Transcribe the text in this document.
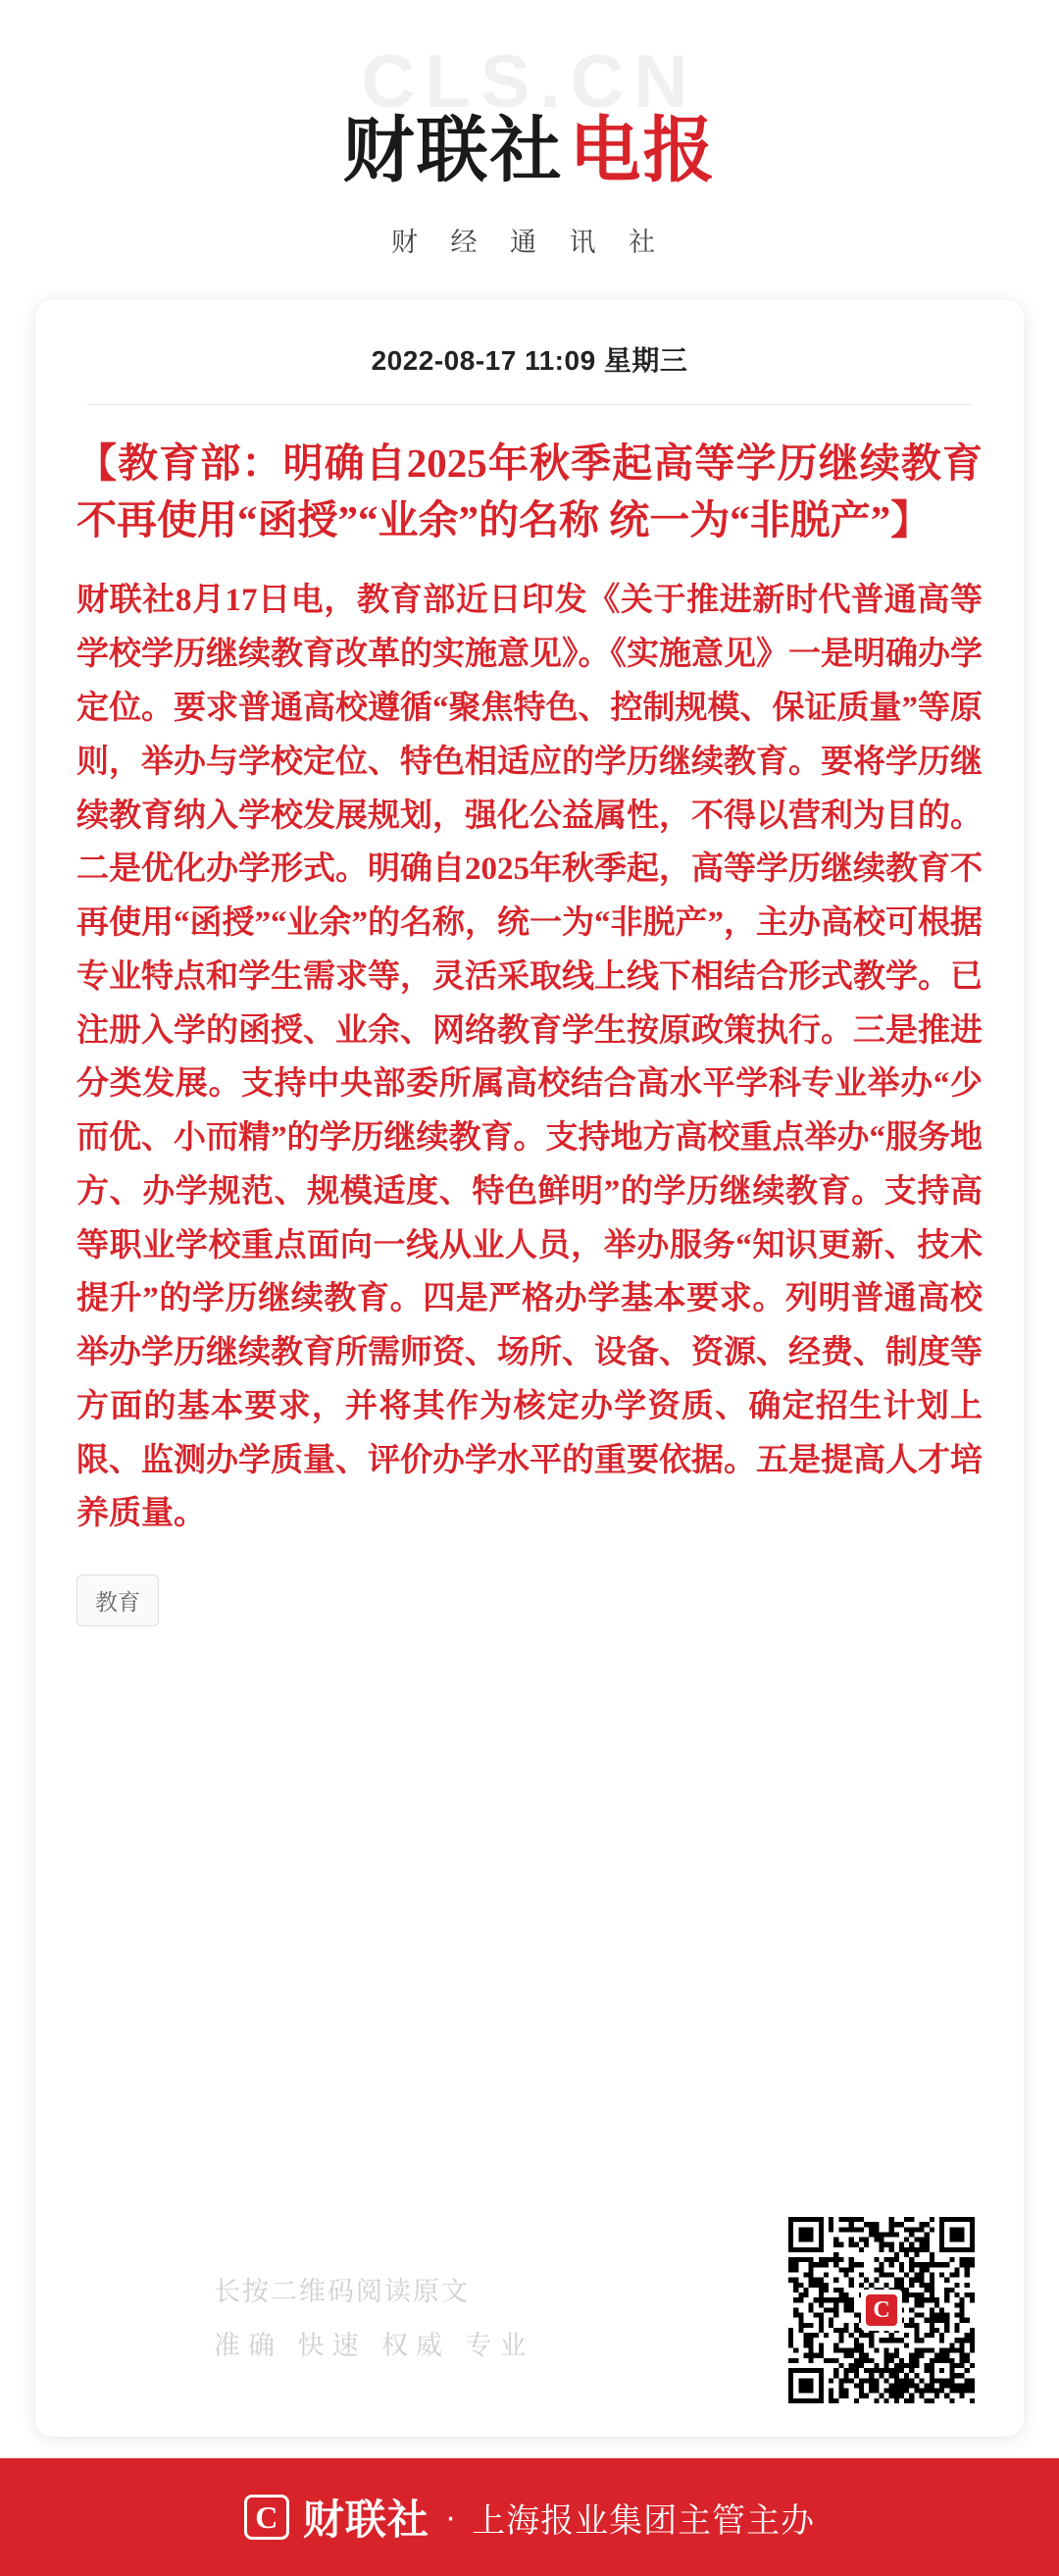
CLS.CN
财联社 电报
财 经 通 讯 社
2022-08-17 11:09 星期三
【教育部：明确自2025年秋季起高等学历继续教育不再使用“函授”“业余”的名称 统一为“非脱产”】
财联社8月17日电，教育部近日印发《关于推进新时代普通高等学校学历继续教育改革的实施意见》。《实施意见》一是明确办学定位。要求普通高校遵循“聚焦特色、控制规模、保证质量”等原则，举办与学校定位、特色相适应的学历继续教育。要将学历继续教育纳入学校发展规划，强化公益属性，不得以营利为目的。二是优化办学形式。明确自2025年秋季起，高等学历继续教育不再使用“函授”“业余”的名称，统一为“非脱产”，主办高校可根据专业特点和学生需求等，灵活采取线上线下相结合形式教学。已注册入学的函授、业余、网络教育学生按原政策执行。三是推进分类发展。支持中央部委所属高校结合高水平学科专业举办“少而优、小而精”的学历继续教育。支持地方高校重点举办“服务地方、办学规范、规模适度、特色鲜明”的学历继续教育。支持高等职业学校重点面向一线从业人员，举办服务“知识更新、技术提升”的学历继续教育。四是严格办学基本要求。列明普通高校举办学历继续教育所需师资、场所、设备、资源、经费、制度等方面的基本要求，并将其作为核定办学资质、确定招生计划上限、监测办学质量、评价办学水平的重要依据。五是提高人才培养质量。
教育
长按二维码阅读原文
准确 快速 权威 专业
C
C 财联社 · 上海报业集团主管主办
